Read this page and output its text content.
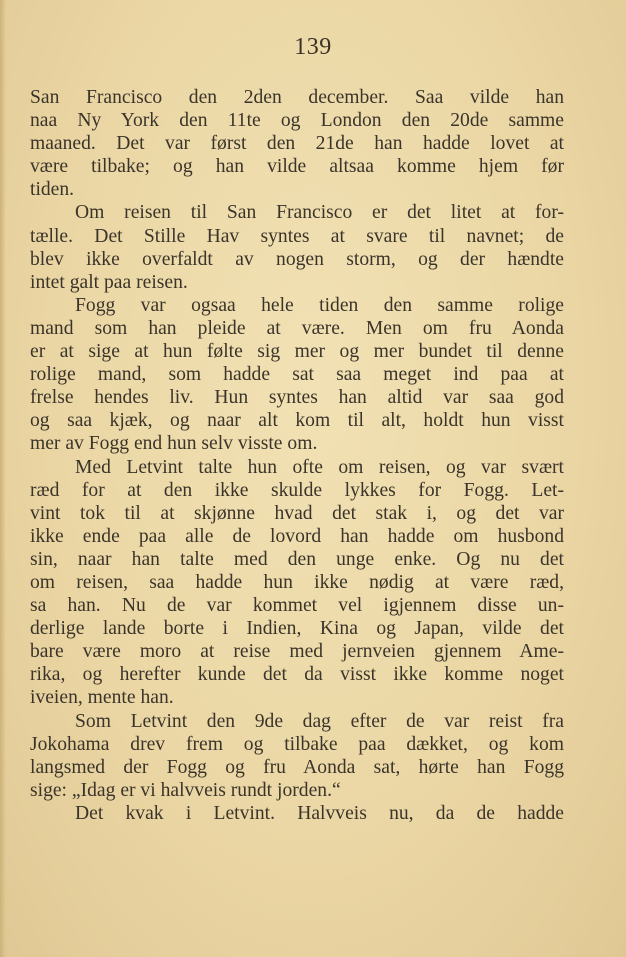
139
San Francisco den 2den december. Saa vilde han
naa Ny York den 11te og London den 20de samme
maaned. Det var først den 21de han hadde lovet at
være tilbake; og han vilde altsaa komme hjem før
tiden.
Om reisen til San Francisco er det litet at for-
tælle. Det Stille Hav syntes at svare til navnet; de
blev ikke overfaldt av nogen storm, og der hændte
intet galt paa reisen.
Fogg var ogsaa hele tiden den samme rolige
mand som han pleide at være. Men om fru Aonda
er at sige at hun følte sig mer og mer bundet til denne
rolige mand, som hadde sat saa meget ind paa at
frelse hendes liv. Hun syntes han altid var saa god
og saa kjæk, og naar alt kom til alt, holdt hun visst
mer av Fogg end hun selv visste om.
Med Letvint talte hun ofte om reisen, og var svært
ræd for at den ikke skulde lykkes for Fogg. Let-
vint tok til at skjønne hvad det stak i, og det var
ikke ende paa alle de lovord han hadde om husbond
sin, naar han talte med den unge enke. Og nu det
om reisen, saa hadde hun ikke nødig at være ræd,
sa han. Nu de var kommet vel igjennem disse un-
derlige lande borte i Indien, Kina og Japan, vilde det
bare være moro at reise med jernveien gjennem Ame-
rika, og herefter kunde det da visst ikke komme noget
iveien, mente han.
Som Letvint den 9de dag efter de var reist fra
Jokohama drev frem og tilbake paa dækket, og kom
langsmed der Fogg og fru Aonda sat, hørte han Fogg
sige: „Idag er vi halvveis rundt jorden.“
Det kvak i Letvint. Halvveis nu, da de hadde
